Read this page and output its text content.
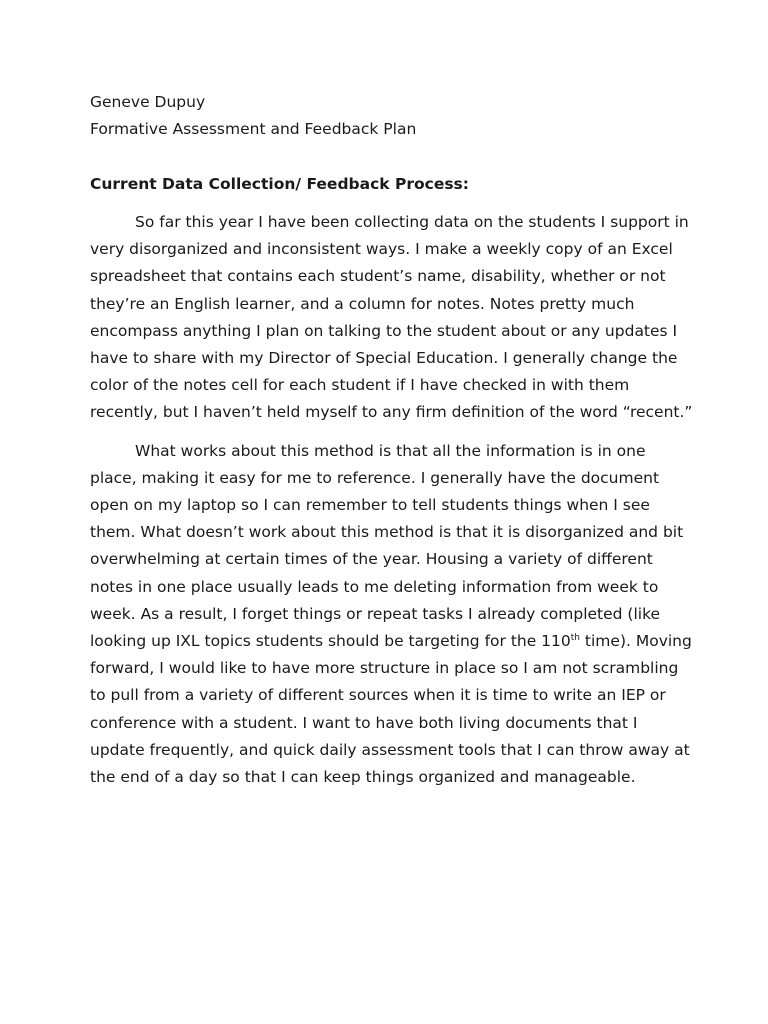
Geneve Dupuy

Formative Assessment and Feedback Plan

Current Data Collection/ Feedback Process:
So far this year I have been collecting data on the students I support in
very disorganized and inconsistent ways. I make a weekly copy of an Excel
spreadsheet that contains each student’s name, disability, whether or not
they’re an English learner, and a column for notes. Notes pretty much
encompass anything I plan on talking to the student about or any updates I
have to share with my Director of Special Education. I generally change the
color of the notes cell for each student if I have checked in with them
recently, but I haven’t held myself to any firm definition of the word “recent.”
What works about this method is that all the information is in one
place, making it easy for me to reference. I generally have the document
open on my laptop so I can remember to tell students things when I see
them. What doesn’t work about this method is that it is disorganized and bit
overwhelming at certain times of the year. Housing a variety of different
notes in one place usually leads to me deleting information from week to
week. As a result, I forget things or repeat tasks I already completed (like
looking up IXL topics students should be targeting for the 110th time). Moving
forward, I would like to have more structure in place so I am not scrambling
to pull from a variety of different sources when it is time to write an IEP or
conference with a student. I want to have both living documents that I
update frequently, and quick daily assessment tools that I can throw away at
the end of a day so that I can keep things organized and manageable.
